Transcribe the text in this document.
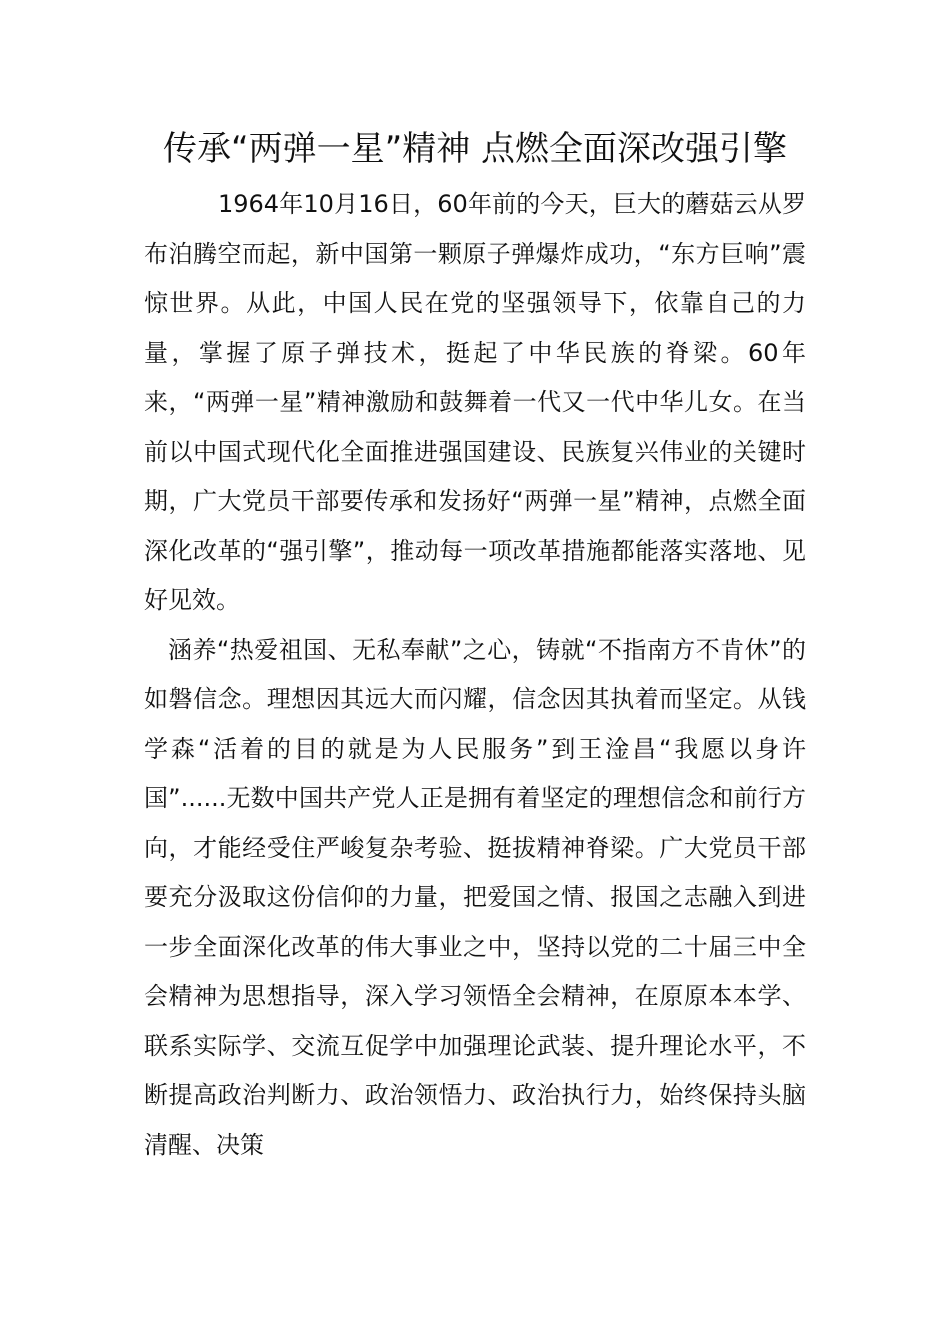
传承“两弹一星”精神 点燃全面深改强引擎

1964年10月16日，60年前的今天，巨大的蘑菇云从罗布泊腾空而起，新中国第一颗原子弹爆炸成功，“东方巨响”震惊世界。从此，中国人民在党的坚强领导下，依靠自己的力量，掌握了原子弹技术，挺起了中华民族的脊梁。60年来，“两弹一星”精神激励和鼓舞着一代又一代中华儿女。在当前以中国式现代化全面推进强国建设、民族复兴伟业的关键时期，广大党员干部要传承和发扬好“两弹一星”精神，点燃全面深化改革的“强引擎”，推动每一项改革措施都能落实落地、见好见效。

涵养“热爱祖国、无私奉献”之心，铸就“不指南方不肯休”的如磐信念。理想因其远大而闪耀，信念因其执着而坚定。从钱学森“活着的目的就是为人民服务”到王淦昌“我愿以身许国”......无数中国共产党人正是拥有着坚定的理想信念和前行方向，才能经受住严峻复杂考验、挺拔精神脊梁。广大党员干部要充分汲取这份信仰的力量，把爱国之情、报国之志融入到进一步全面深化改革的伟大事业之中，坚持以党的二十届三中全会精神为思想指导，深入学习领悟全会精神，在原原本本学、联系实际学、交流互促学中加强理论武装、提升理论水平，不断提高政治判断力、政治领悟力、政治执行力，始终保持头脑清醒、决策
